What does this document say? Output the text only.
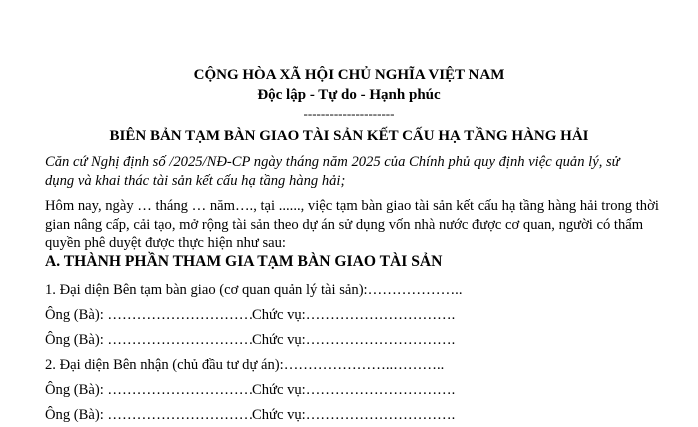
CỘNG HÒA XÃ HỘI CHỦ NGHĨA VIỆT NAM
Độc lập - Tự do - Hạnh phúc
---------------------
BIÊN BẢN TẠM BÀN GIAO TÀI SẢN KẾT CẤU HẠ TẦNG HÀNG HẢI
Căn cứ Nghị định số /2025/NĐ-CP ngày tháng năm 2025 của Chính phủ quy định việc quản lý, sử
dụng và khai thác tài sản kết cấu hạ tầng hàng hải;
Hôm nay, ngày … tháng … năm…., tại ......, việc tạm bàn giao tài sản kết cấu hạ tầng hàng hải trong thời
gian nâng cấp, cải tạo, mở rộng tài sản theo dự án sử dụng vốn nhà nước được cơ quan, người có thẩm
quyền phê duyệt được thực hiện như sau:
A. THÀNH PHẦN THAM GIA TẠM BÀN GIAO TÀI SẢN
1. Đại diện Bên tạm bàn giao (cơ quan quản lý tài sản):………………..
Ông (Bà): …………………………
Chức vụ:………………………….
Ông (Bà): …………………………
Chức vụ:………………………….
2. Đại diện Bên nhận (chủ đầu tư dự án):…………………..………..
Ông (Bà): …………………………
Chức vụ:………………………….
Ông (Bà): …………………………
Chức vụ:………………………….
